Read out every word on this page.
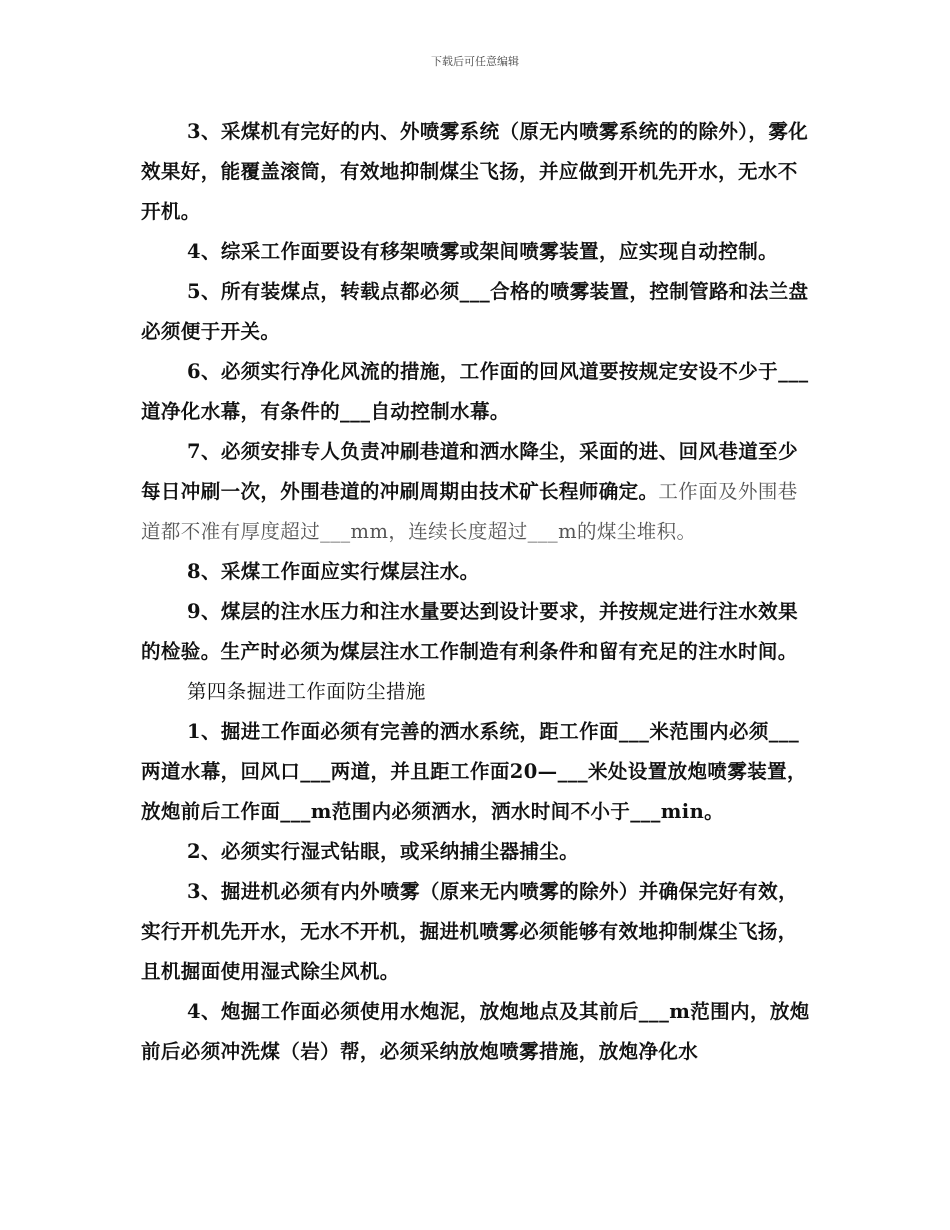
下载后可任意编辑

3、采煤机有完好的内、外喷雾系统（原无内喷雾系统的的除外），雾化效果好，能覆盖滚筒，有效地抑制煤尘飞扬，并应做到开机先开水，无水不开机。

4、综采工作面要设有移架喷雾或架间喷雾装置，应实现自动控制。

5、所有装煤点，转载点都必须___合格的喷雾装置，控制管路和法兰盘必须便于开关。

6、必须实行净化风流的措施，工作面的回风道要按规定安设不少于___道净化水幕，有条件的___自动控制水幕。

7、必须安排专人负责冲刷巷道和洒水降尘，采面的进、回风巷道至少每日冲刷一次，外围巷道的冲刷周期由技术矿长程师确定。工作面及外围巷道都不准有厚度超过___mm，连续长度超过___m的煤尘堆积。

8、采煤工作面应实行煤层注水。

9、煤层的注水压力和注水量要达到设计要求，并按规定进行注水效果的检验。生产时必须为煤层注水工作制造有利条件和留有充足的注水时间。

第四条掘进工作面防尘措施

1、掘进工作面必须有完善的洒水系统，距工作面___米范围内必须___两道水幕，回风口___两道，并且距工作面20—___米处设置放炮喷雾装置，放炮前后工作面___m范围内必须洒水，洒水时间不小于___min。

2、必须实行湿式钻眼，或采纳捕尘器捕尘。

3、掘进机必须有内外喷雾（原来无内喷雾的除外）并确保完好有效，实行开机先开水，无水不开机，掘进机喷雾必须能够有效地抑制煤尘飞扬，且机掘面使用湿式除尘风机。

4、炮掘工作面必须使用水炮泥，放炮地点及其前后___m范围内，放炮前后必须冲洗煤（岩）帮，必须采纳放炮喷雾措施，放炮净化水
